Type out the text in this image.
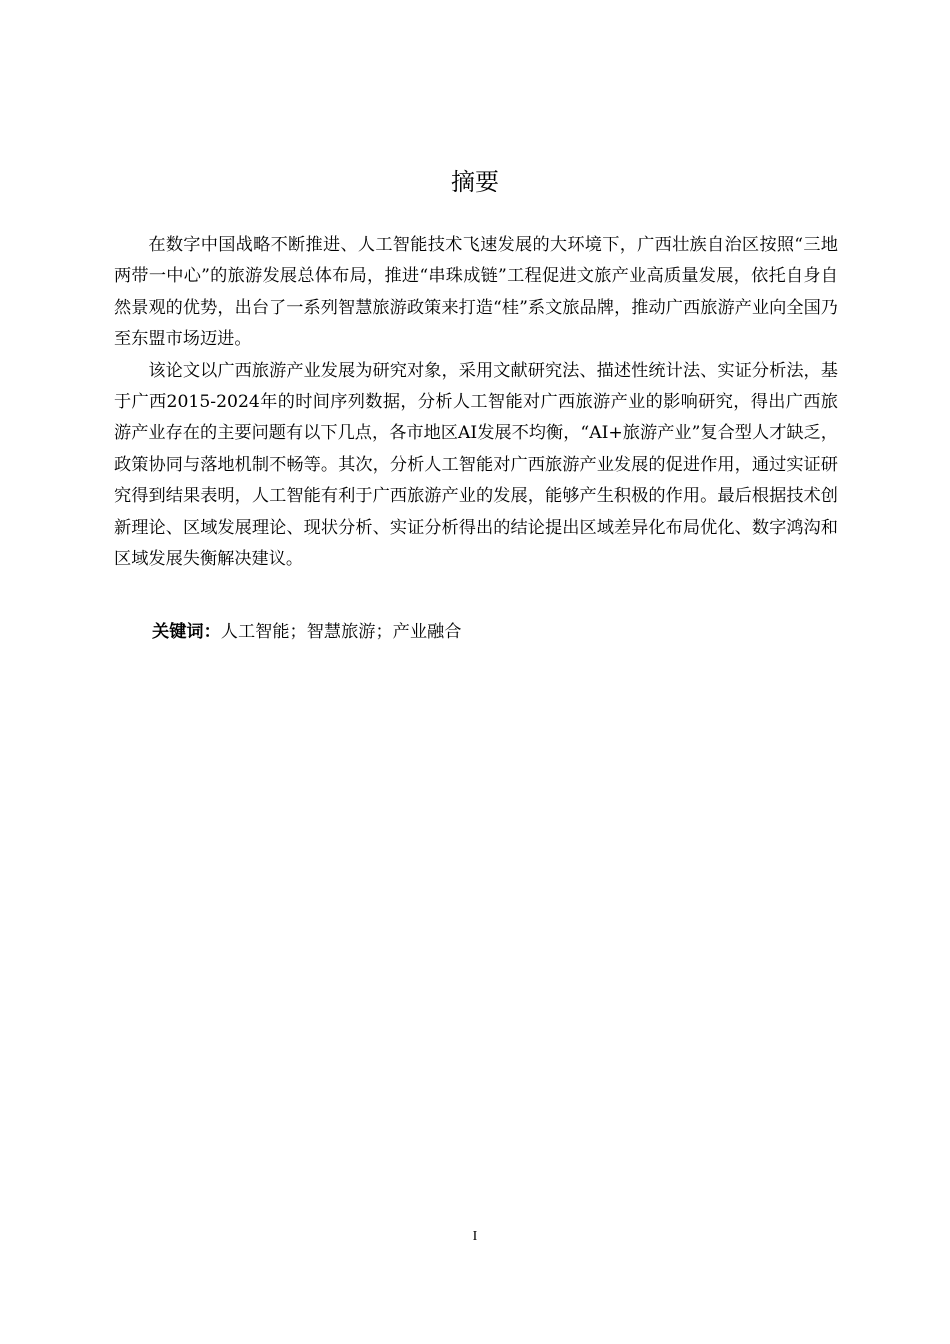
摘要

在数字中国战略不断推进、人工智能技术飞速发展的大环境下，广西壮族自治区按照“三地两带一中心”的旅游发展总体布局，推进“串珠成链”工程促进文旅产业高质量发展，依托自身自然景观的优势，出台了一系列智慧旅游政策来打造“桂”系文旅品牌，推动广西旅游产业向全国乃至东盟市场迈进。

该论文以广西旅游产业发展为研究对象，采用文献研究法、描述性统计法、实证分析法，基于广西2015-2024年的时间序列数据，分析人工智能对广西旅游产业的影响研究，得出广西旅游产业存在的主要问题有以下几点，各市地区AI发展不均衡，“AI+旅游产业”复合型人才缺乏，政策协同与落地机制不畅等。其次，分析人工智能对广西旅游产业发展的促进作用，通过实证研究得到结果表明，人工智能有利于广西旅游产业的发展，能够产生积极的作用。最后根据技术创新理论、区域发展理论、现状分析、实证分析得出的结论提出区域差异化布局优化、数字鸿沟和区域发展失衡解决建议。

关键词：人工智能；智慧旅游；产业融合

I
